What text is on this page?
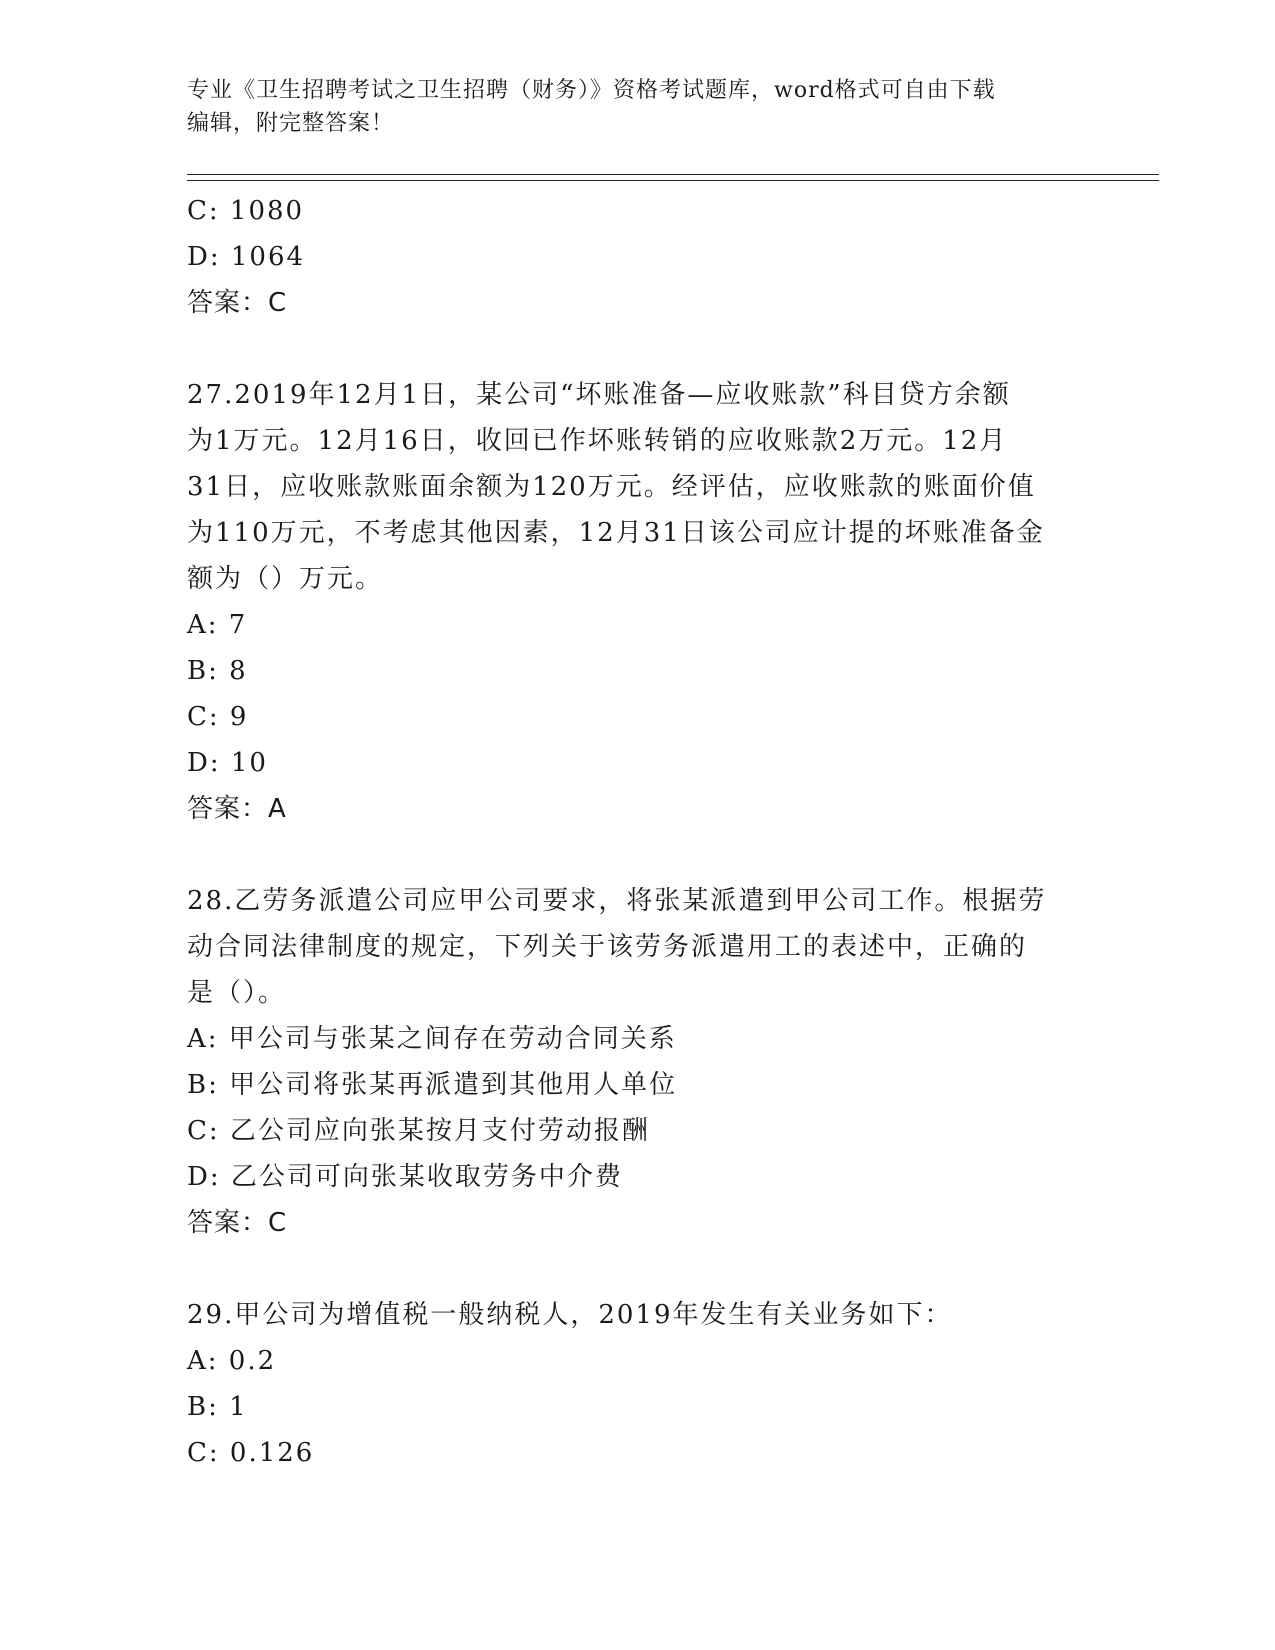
专业《卫生招聘考试之卫生招聘（财务）》资格考试题库，word格式可自由下载
编辑，附完整答案！
C: 1080
D: 1064
答案：C
27.2019年12月1日，某公司“坏账准备—应收账款”科目贷方余额
为1万元。12月16日，收回已作坏账转销的应收账款2万元。12月
31日，应收账款账面余额为120万元。经评估，应收账款的账面价值
为110万元，不考虑其他因素，12月31日该公司应计提的坏账准备金
额为（）万元。
A: 7
B: 8
C: 9
D: 10
答案：A
28.乙劳务派遣公司应甲公司要求，将张某派遣到甲公司工作。根据劳
动合同法律制度的规定，下列关于该劳务派遣用工的表述中，正确的
是（）。
A: 甲公司与张某之间存在劳动合同关系
B: 甲公司将张某再派遣到其他用人单位
C: 乙公司应向张某按月支付劳动报酬
D: 乙公司可向张某收取劳务中介费
答案：C
29.甲公司为增值税一般纳税人，2019年发生有关业务如下：
A: 0.2
B: 1
C: 0.126
